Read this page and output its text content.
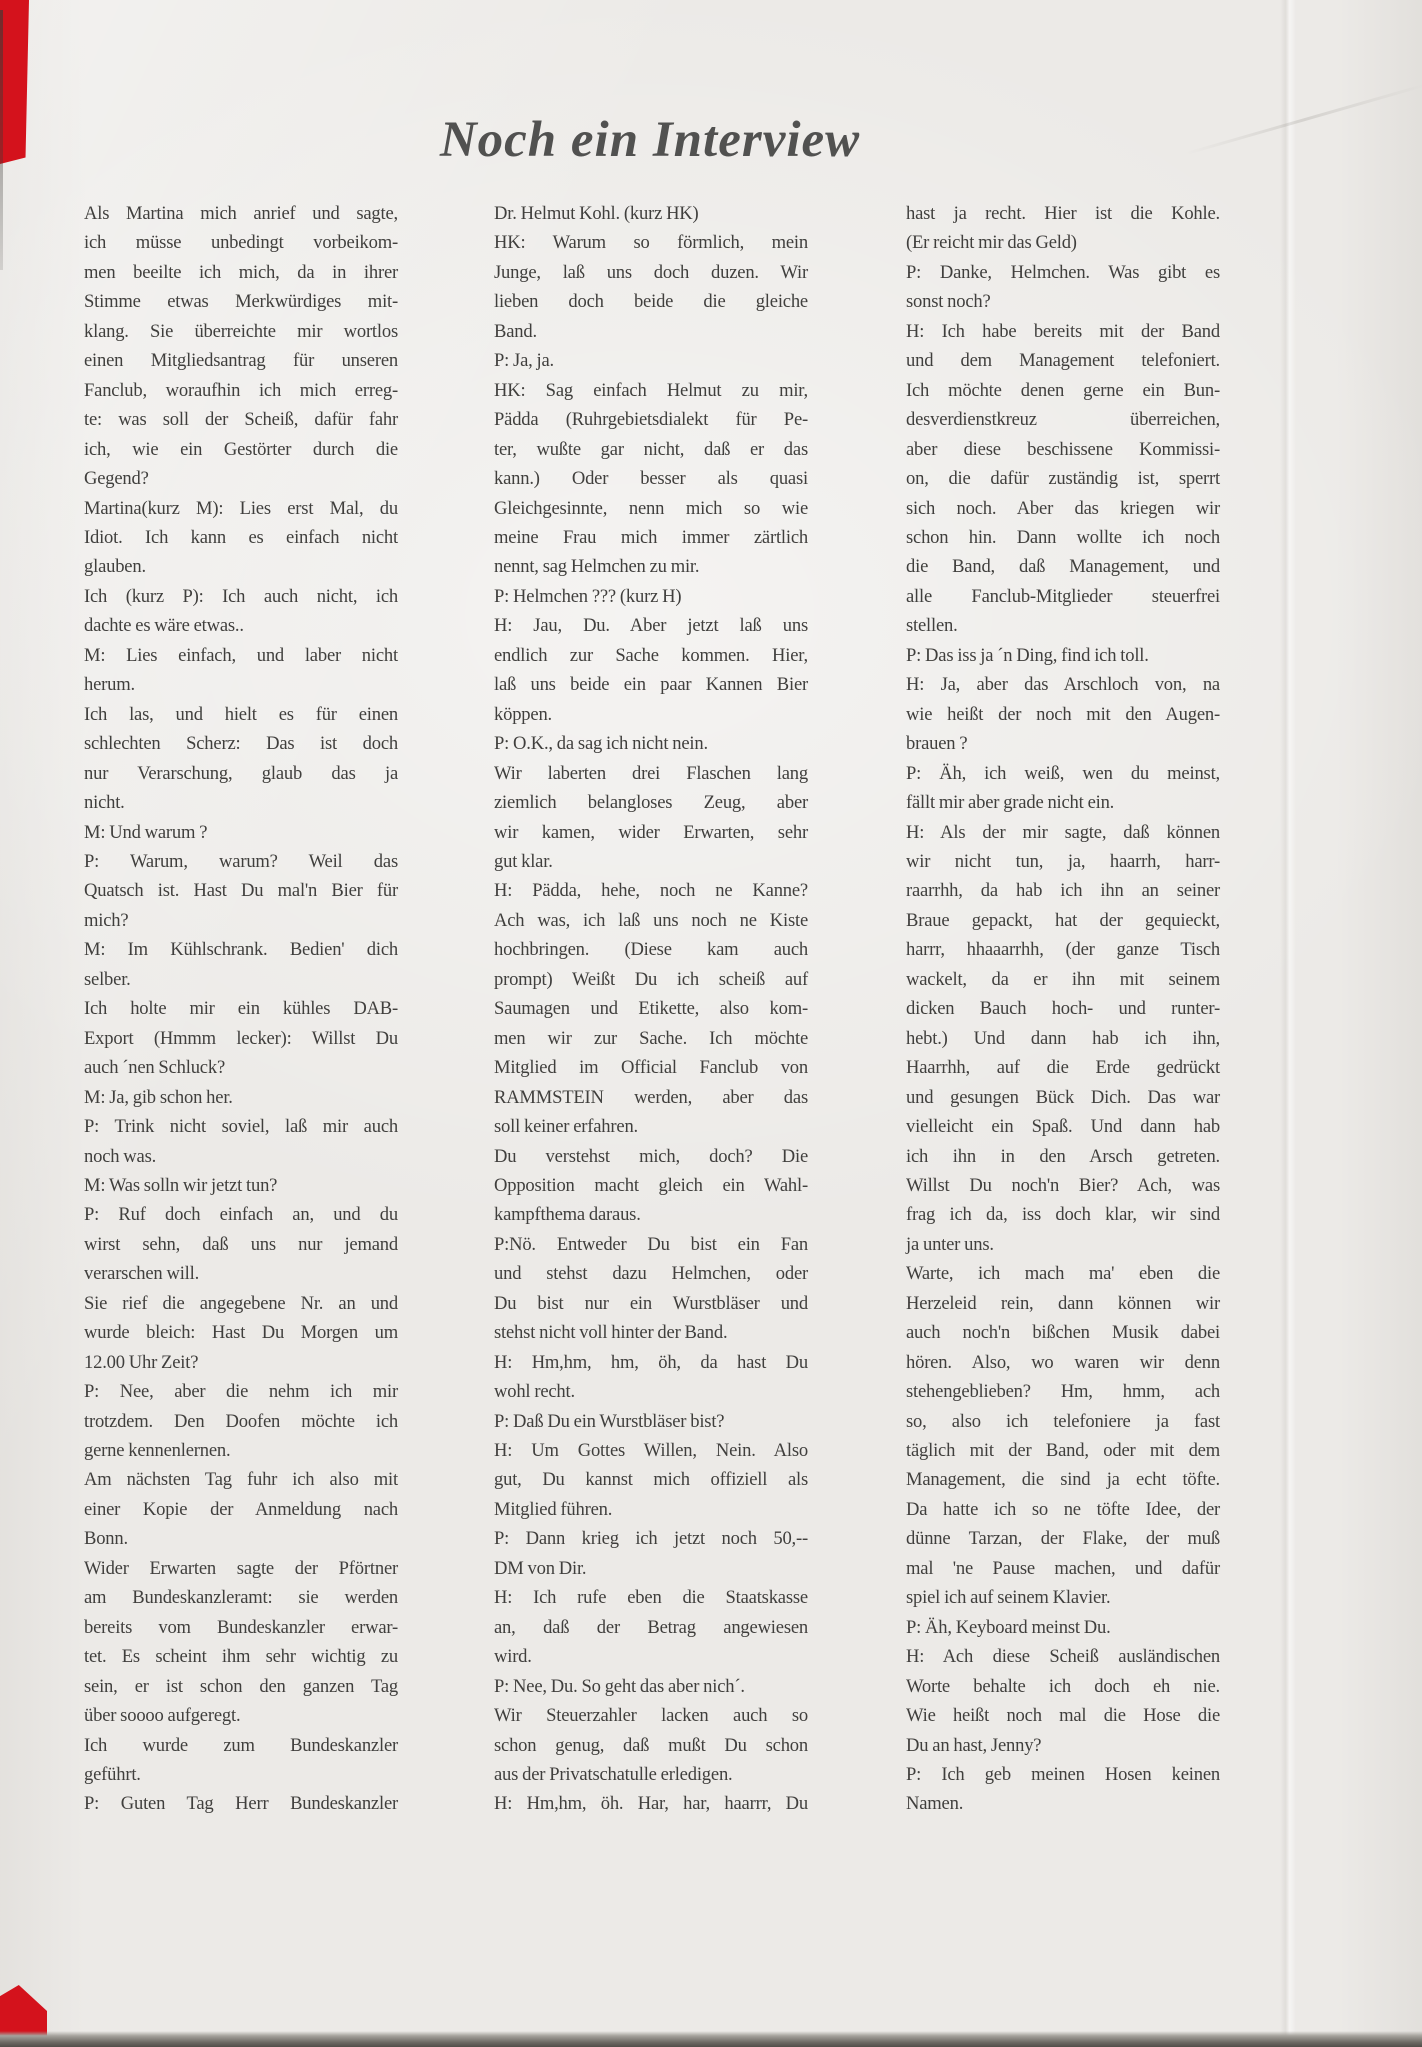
Noch ein Interview
Als Martina mich anrief und sagte,
ich müsse unbedingt vorbeikom-
men beeilte ich mich, da in ihrer
Stimme etwas Merkwürdiges mit-
klang. Sie überreichte mir wortlos
einen Mitgliedsantrag für unseren
Fanclub, woraufhin ich mich erreg-
te: was soll der Scheiß, dafür fahr
ich, wie ein Gestörter durch die
Gegend?
Martina(kurz M): Lies erst Mal, du
Idiot. Ich kann es einfach nicht
glauben.
Ich (kurz P): Ich auch nicht, ich
dachte es wäre etwas..
M: Lies einfach, und laber nicht
herum.
Ich las, und hielt es für einen
schlechten Scherz: Das ist doch
nur Verarschung, glaub das ja
nicht.
M: Und warum ?
P: Warum, warum? Weil das
Quatsch ist. Hast Du mal'n Bier für
mich?
M: Im Kühlschrank. Bedien' dich
selber.
Ich holte mir ein kühles DAB-
Export (Hmmm lecker): Willst Du
auch ´nen Schluck?
M: Ja, gib schon her.
P: Trink nicht soviel, laß mir auch
noch was.
M: Was solln wir jetzt tun?
P: Ruf doch einfach an, und du
wirst sehn, daß uns nur jemand
verarschen will.
Sie rief die angegebene Nr. an und
wurde bleich: Hast Du Morgen um
12.00 Uhr Zeit?
P: Nee, aber die nehm ich mir
trotzdem. Den Doofen möchte ich
gerne kennenlernen.
Am nächsten Tag fuhr ich also mit
einer Kopie der Anmeldung nach
Bonn.
Wider Erwarten sagte der Pförtner
am Bundeskanzleramt: sie werden
bereits vom Bundeskanzler erwar-
tet. Es scheint ihm sehr wichtig zu
sein, er ist schon den ganzen Tag
über soooo aufgeregt.
Ich wurde zum Bundeskanzler
geführt.
P: Guten Tag Herr Bundeskanzler
Dr. Helmut Kohl. (kurz HK)
HK: Warum so förmlich, mein
Junge, laß uns doch duzen. Wir
lieben doch beide die gleiche
Band.
P: Ja, ja.
HK: Sag einfach Helmut zu mir,
Pädda (Ruhrgebietsdialekt für Pe-
ter, wußte gar nicht, daß er das
kann.) Oder besser als quasi
Gleichgesinnte, nenn mich so wie
meine Frau mich immer zärtlich
nennt, sag Helmchen zu mir.
P: Helmchen ??? (kurz H)
H: Jau, Du. Aber jetzt laß uns
endlich zur Sache kommen. Hier,
laß uns beide ein paar Kannen Bier
köppen.
P: O.K., da sag ich nicht nein.
Wir laberten drei Flaschen lang
ziemlich belangloses Zeug, aber
wir kamen, wider Erwarten, sehr
gut klar.
H: Pädda, hehe, noch ne Kanne?
Ach was, ich laß uns noch ne Kiste
hochbringen. (Diese kam auch
prompt) Weißt Du ich scheiß auf
Saumagen und Etikette, also kom-
men wir zur Sache. Ich möchte
Mitglied im Official Fanclub von
RAMMSTEIN werden, aber das
soll keiner erfahren.
Du verstehst mich, doch? Die
Opposition macht gleich ein Wahl-
kampfthema daraus.
P:Nö. Entweder Du bist ein Fan
und stehst dazu Helmchen, oder
Du bist nur ein Wurstbläser und
stehst nicht voll hinter der Band.
H: Hm,hm, hm, öh, da hast Du
wohl recht.
P: Daß Du ein Wurstbläser bist?
H: Um Gottes Willen, Nein. Also
gut, Du kannst mich offiziell als
Mitglied führen.
P: Dann krieg ich jetzt noch 50,--
DM von Dir.
H: Ich rufe eben die Staatskasse
an, daß der Betrag angewiesen
wird.
P: Nee, Du. So geht das aber nich´.
Wir Steuerzahler lacken auch so
schon genug, daß mußt Du schon
aus der Privatschatulle erledigen.
H: Hm,hm, öh. Har, har, haarrr, Du
hast ja recht. Hier ist die Kohle.
(Er reicht mir das Geld)
P: Danke, Helmchen. Was gibt es
sonst noch?
H: Ich habe bereits mit der Band
und dem Management telefoniert.
Ich möchte denen gerne ein Bun-
desverdienstkreuz überreichen,
aber diese beschissene Kommissi-
on, die dafür zuständig ist, sperrt
sich noch. Aber das kriegen wir
schon hin. Dann wollte ich noch
die Band, daß Management, und
alle Fanclub-Mitglieder steuerfrei
stellen.
P: Das iss ja ´n Ding, find ich toll.
H: Ja, aber das Arschloch von, na
wie heißt der noch mit den Augen-
brauen ?
P: Äh, ich weiß, wen du meinst,
fällt mir aber grade nicht ein.
H: Als der mir sagte, daß können
wir nicht tun, ja, haarrh, harr-
raarrhh, da hab ich ihn an seiner
Braue gepackt, hat der gequieckt,
harrr, hhaaarrhh, (der ganze Tisch
wackelt, da er ihn mit seinem
dicken Bauch hoch- und runter-
hebt.) Und dann hab ich ihn,
Haarrhh, auf die Erde gedrückt
und gesungen Bück Dich. Das war
vielleicht ein Spaß. Und dann hab
ich ihn in den Arsch getreten.
Willst Du noch'n Bier? Ach, was
frag ich da, iss doch klar, wir sind
ja unter uns.
Warte, ich mach ma' eben die
Herzeleid rein, dann können wir
auch noch'n bißchen Musik dabei
hören. Also, wo waren wir denn
stehengeblieben? Hm, hmm, ach
so, also ich telefoniere ja fast
täglich mit der Band, oder mit dem
Management, die sind ja echt töfte.
Da hatte ich so ne töfte Idee, der
dünne Tarzan, der Flake, der muß
mal 'ne Pause machen, und dafür
spiel ich auf seinem Klavier.
P: Äh, Keyboard meinst Du.
H: Ach diese Scheiß ausländischen
Worte behalte ich doch eh nie.
Wie heißt noch mal die Hose die
Du an hast, Jenny?
P: Ich geb meinen Hosen keinen
Namen.
